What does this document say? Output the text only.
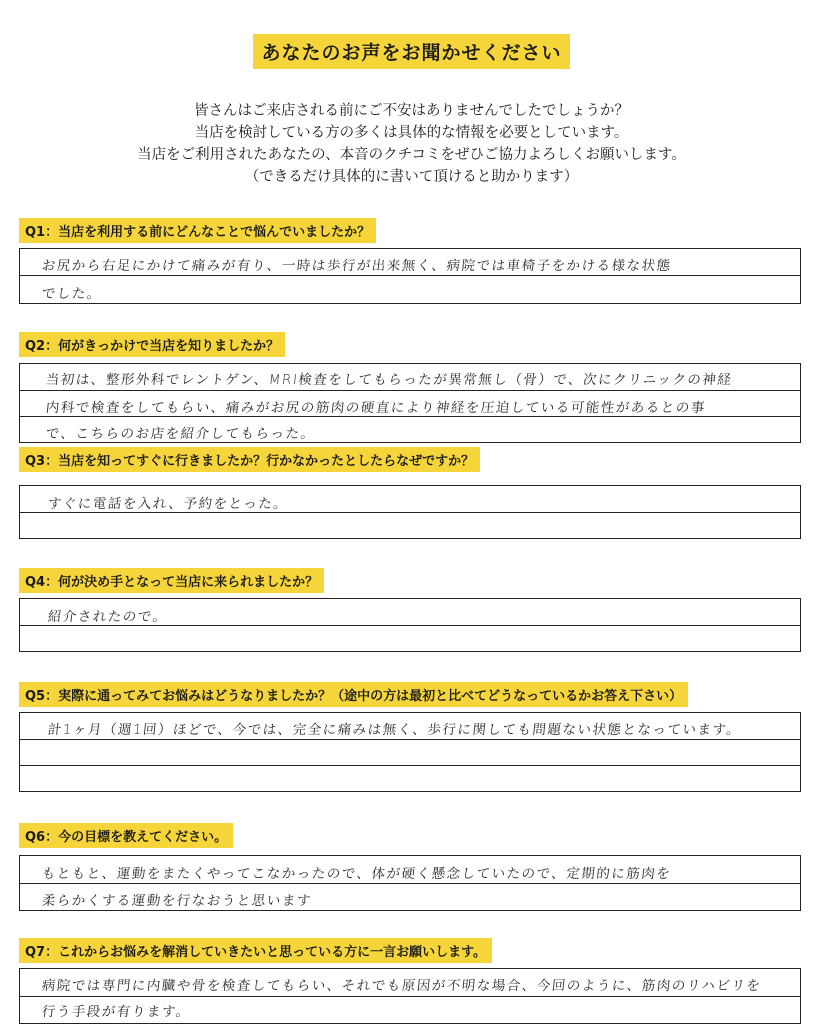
あなたのお声をお聞かせください
皆さんはご来店される前にご不安はありませんでしたでしょうか？
当店を検討している方の多くは具体的な情報を必要としています。
当店をご利用されたあなたの、本音のクチコミをぜひご協力よろしくお願いします。
（できるだけ具体的に書いて頂けると助かります）
Q1：当店を利用する前にどんなことで悩んでいましたか？
お尻から右足にかけて痛みが有り、一時は歩行が出来無く、病院では車椅子をかける様な状態
でした。
Q2：何がきっかけで当店を知りましたか？
当初は、整形外科でレントゲン、MRI検査をしてもらったが異常無し（骨）で、次にクリニックの神経
内科で検査をしてもらい、痛みがお尻の筋肉の硬直により神経を圧迫している可能性があるとの事
で、こちらのお店を紹介してもらった。
Q3：当店を知ってすぐに行きましたか？行かなかったとしたらなぜですか？
すぐに電話を入れ、予約をとった。
Q4：何が決め手となって当店に来られましたか？
紹介されたので。
Q5：実際に通ってみてお悩みはどうなりましたか？（途中の方は最初と比べてどうなっているかお答え下さい）
計1ヶ月（週1回）ほどで、今では、完全に痛みは無く、歩行に関しても問題ない状態となっています。
Q6：今の目標を教えてください。
もともと、運動をまたくやってこなかったので、体が硬く懸念していたので、定期的に筋肉を
柔らかくする運動を行なおうと思います
Q7：これからお悩みを解消していきたいと思っている方に一言お願いします。
病院では専門に内臓や骨を検査してもらい、それでも原因が不明な場合、今回のように、筋肉のリハビリを
行う手段が有ります。
